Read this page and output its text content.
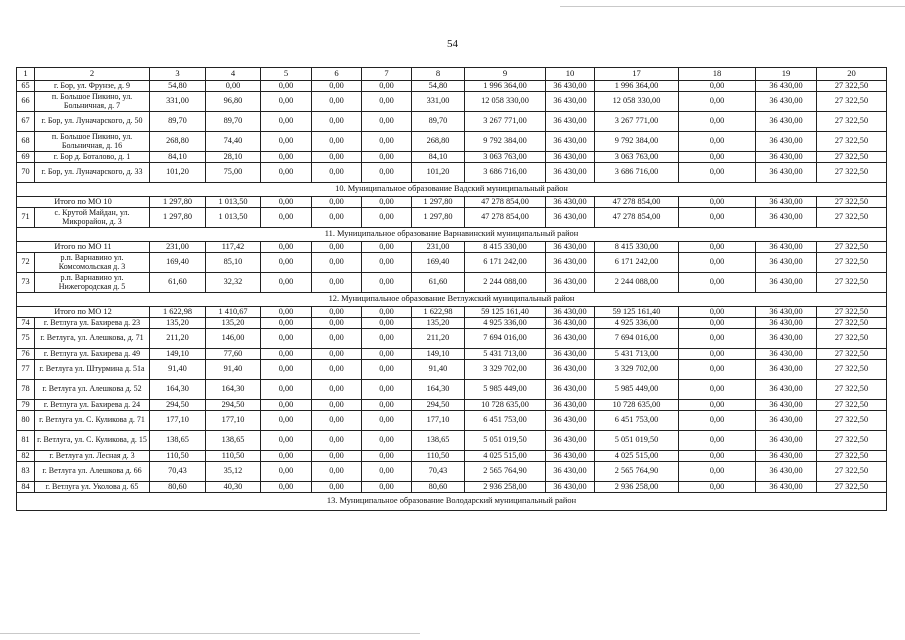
54
1	2	3	4	5	6	7	8	9	10	17	18	19	20
65	г. Бор, ул. Фрунзе, д. 9	54,80	0,00	0,00	0,00	0,00	54,80	1 996 364,00	36 430,00	1 996 364,00	0,00	36 430,00	27 322,50
66	п. Большое Пикино, ул. Больничная, д. 7	331,00	96,80	0,00	0,00	0,00	331,00	12 058 330,00	36 430,00	12 058 330,00	0,00	36 430,00	27 322,50
67	г. Бор, ул. Луначарского, д. 50	89,70	89,70	0,00	0,00	0,00	89,70	3 267 771,00	36 430,00	3 267 771,00	0,00	36 430,00	27 322,50
68	п. Большое Пикино, ул. Больничная, д. 16	268,80	74,40	0,00	0,00	0,00	268,80	9 792 384,00	36 430,00	9 792 384,00	0,00	36 430,00	27 322,50
69	г. Бор д. Боталово, д. 1	84,10	28,10	0,00	0,00	0,00	84,10	3 063 763,00	36 430,00	3 063 763,00	0,00	36 430,00	27 322,50
70	г. Бор, ул. Луначарского, д. 33	101,20	75,00	0,00	0,00	0,00	101,20	3 686 716,00	36 430,00	3 686 716,00	0,00	36 430,00	27 322,50
10. Муниципальное образование Вадский муниципальный район													
Итого по МО 10		1 297,80	1 013,50	0,00	0,00	0,00	1 297,80	47 278 854,00	36 430,00	47 278 854,00	0,00	36 430,00	27 322,50
71	с. Крутой Майдан, ул. Микрорайон, д. 3	1 297,80	1 013,50	0,00	0,00	0,00	1 297,80	47 278 854,00	36 430,00	47 278 854,00	0,00	36 430,00	27 322,50
11. Муниципальное образование Варнавинский муниципальный район													
Итого по МО 11		231,00	117,42	0,00	0,00	0,00	231,00	8 415 330,00	36 430,00	8 415 330,00	0,00	36 430,00	27 322,50
72	р.п. Варнавино ул. Комсомольская д. 3	169,40	85,10	0,00	0,00	0,00	169,40	6 171 242,00	36 430,00	6 171 242,00	0,00	36 430,00	27 322,50
73	р.п. Варнавино ул. Нижегородская д. 5	61,60	32,32	0,00	0,00	0,00	61,60	2 244 088,00	36 430,00	2 244 088,00	0,00	36 430,00	27 322,50
12. Муниципальное образование Ветлужский муниципальный район													
Итого по МО 12		1 622,98	1 410,67	0,00	0,00	0,00	1 622,98	59 125 161,40	36 430,00	59 125 161,40	0,00	36 430,00	27 322,50
74	г. Ветлуга ул. Бахирева д. 23	135,20	135,20	0,00	0,00	0,00	135,20	4 925 336,00	36 430,00	4 925 336,00	0,00	36 430,00	27 322,50
75	г. Ветлуга, ул. Алешкова, д. 71	211,20	146,00	0,00	0,00	0,00	211,20	7 694 016,00	36 430,00	7 694 016,00	0,00	36 430,00	27 322,50
76	г. Ветлуга ул. Бахирева д. 49	149,10	77,60	0,00	0,00	0,00	149,10	5 431 713,00	36 430,00	5 431 713,00	0,00	36 430,00	27 322,50
77	г. Ветлуга ул. Штурмина д. 51а	91,40	91,40	0,00	0,00	0,00	91,40	3 329 702,00	36 430,00	3 329 702,00	0,00	36 430,00	27 322,50
78	г. Ветлуга ул. Алешкова д. 52	164,30	164,30	0,00	0,00	0,00	164,30	5 985 449,00	36 430,00	5 985 449,00	0,00	36 430,00	27 322,50
79	г. Ветлуга ул. Бахирева д. 24	294,50	294,50	0,00	0,00	0,00	294,50	10 728 635,00	36 430,00	10 728 635,00	0,00	36 430,00	27 322,50
80	г. Ветлуга ул. С. Куликова д. 71	177,10	177,10	0,00	0,00	0,00	177,10	6 451 753,00	36 430,00	6 451 753,00	0,00	36 430,00	27 322,50
81	г. Ветлуга, ул. С. Куликова, д. 15	138,65	138,65	0,00	0,00	0,00	138,65	5 051 019,50	36 430,00	5 051 019,50	0,00	36 430,00	27 322,50
82	г. Ветлуга ул. Лесная д. 3	110,50	110,50	0,00	0,00	0,00	110,50	4 025 515,00	36 430,00	4 025 515,00	0,00	36 430,00	27 322,50
83	г. Ветлуга ул. Алешкова д. 66	70,43	35,12	0,00	0,00	0,00	70,43	2 565 764,90	36 430,00	2 565 764,90	0,00	36 430,00	27 322,50
84	г. Ветлуга ул. Уколова д. 65	80,60	40,30	0,00	0,00	0,00	80,60	2 936 258,00	36 430,00	2 936 258,00	0,00	36 430,00	27 322,50
13. Муниципальное образование Володарский муниципальный район													
